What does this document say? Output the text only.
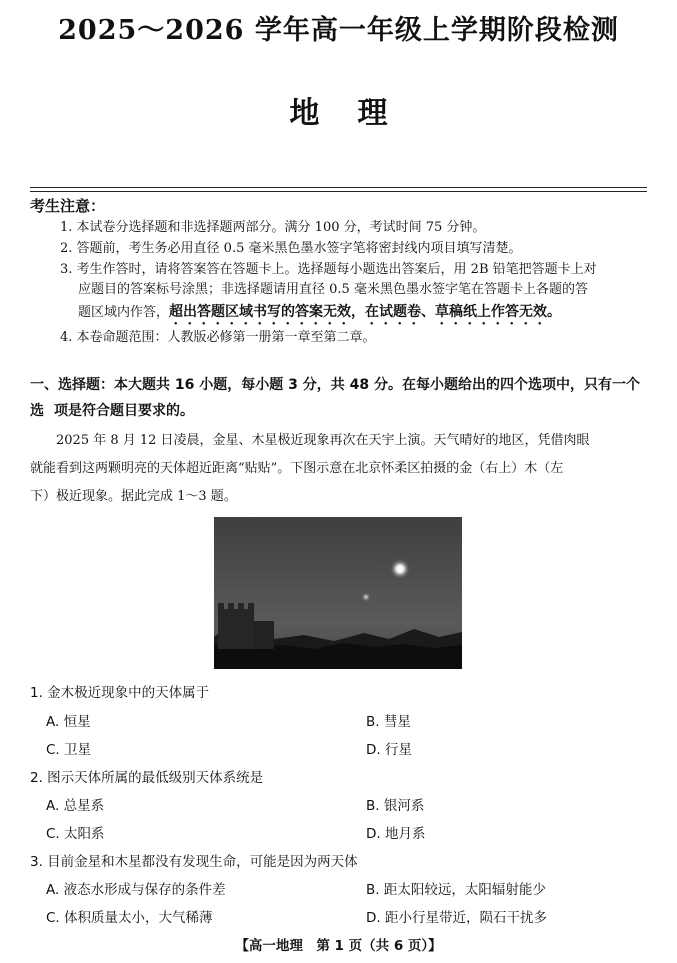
2025～2026 学年高一年级上学期阶段检测
地理
考生注意：
1. 本试卷分选择题和非选择题两部分。满分 100 分，考试时间 75 分钟。
2. 答题前，考生务必用直径 0.5 毫米黑色墨水签字笔将密封线内项目填写清楚。
3. 考生作答时，请将答案答在答题卡上。选择题每小题选出答案后，用 2B 铅笔把答题卡上对
应题目的答案标号涂黑；非选择题请用直径 0.5 毫米黑色墨水签字笔在答题卡上各题的答
题区域内作答，超出答题区域书写的答案无效，在试题卷、草稿纸上作答无效。
4. 本卷命题范围：人教版必修第一册第一章至第二章。
一、选择题：本大题共 16 小题，每小题 3 分，共 48 分。在每小题给出的四个选项中，只有一个选 项是符合题目要求的。
2025 年 8 月 12 日凌晨，金星、木星极近现象再次在天宇上演。天气晴好的地区，凭借肉眼
就能看到这两颗明亮的天体超近距离“贴贴”。下图示意在北京怀柔区拍摄的金（右上）木（左
下）极近现象。据此完成 1～3 题。
1. 金木极近现象中的天体属于
A. 恒星	B. 彗星
C. 卫星	D. 行星
2. 图示天体所属的最低级别天体系统是
A. 总星系	B. 银河系
C. 太阳系	D. 地月系
3. 目前金星和木星都没有发现生命，可能是因为两天体
A. 液态水形成与保存的条件差	B. 距太阳较远，太阳辐射能少
C. 体积质量太小，大气稀薄	D. 距小行星带近，陨石干扰多
【高一地理　第 1 页（共 6 页）】
